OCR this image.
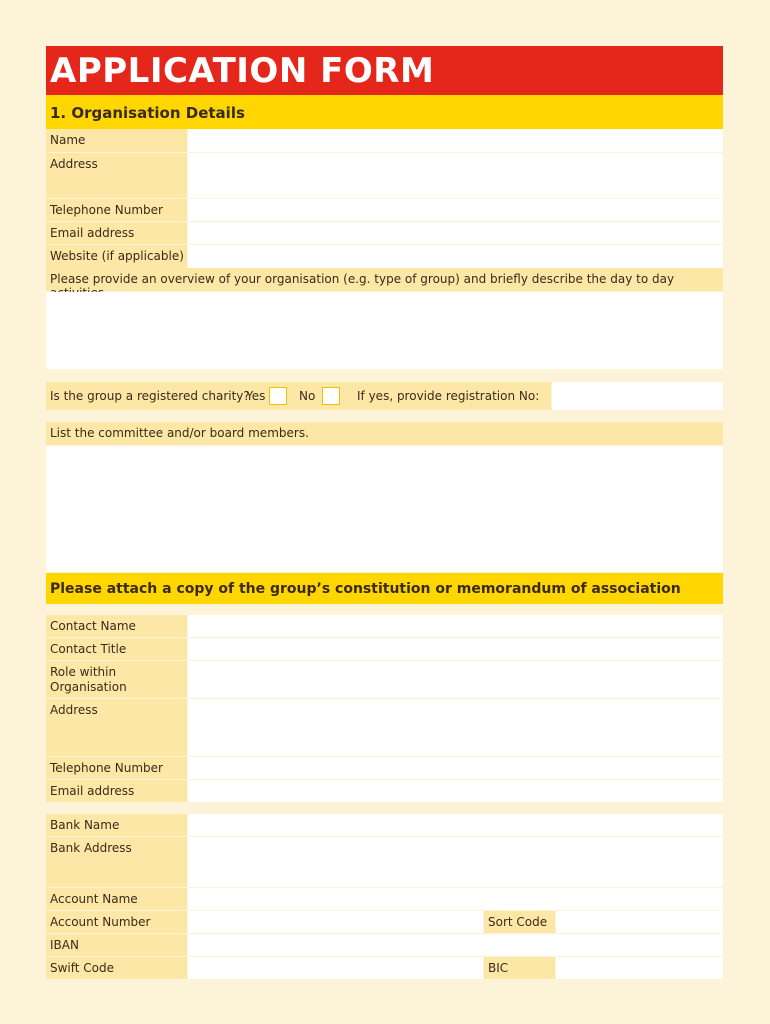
APPLICATION FORM
1. Organisation Details
Name
Address
Telephone Number
Email address
Website (if applicable)
Please provide an overview of your organisation (e.g. type of group) and briefly describe the day to day
Is the group a registered charity?
Yes	No	If yes, provide registration No:
List the committee and/or board members.
Please attach a copy of the group’s constitution or memorandum of association
Contact Name
Contact Title
Role within Organisation
Address
Telephone Number
Email address
Bank Name
Bank Address
Account Name
Account Number	Sort Code
IBAN
Swift Code	BIC
